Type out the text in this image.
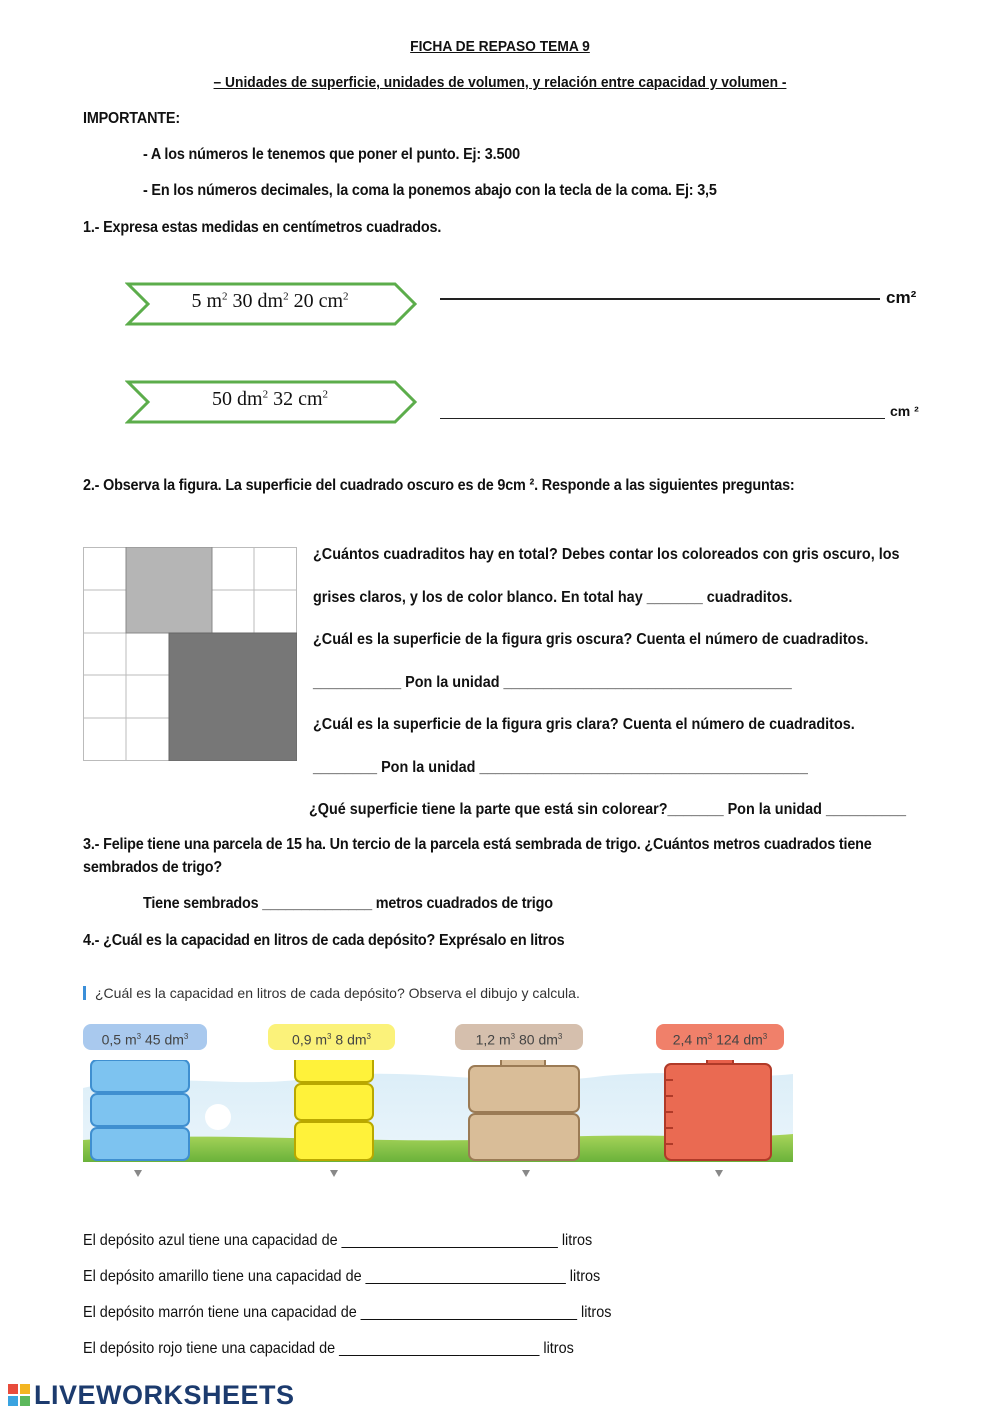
FICHA DE REPASO TEMA 9
– Unidades de superficie, unidades de volumen, y relación entre capacidad y volumen -
IMPORTANTE:
- A los números le tenemos que poner el punto. Ej: 3.500
- En los números decimales, la coma la ponemos abajo con la tecla de la coma. Ej: 3,5
1.- Expresa estas medidas en centímetros cuadrados.
5 $m^2$ 30 $dm^2$ 20 $cm^2$	cm²
50 $dm^2$ 32 $cm^2$
cm ²
2.- Observa la figura. La superficie del cuadrado oscuro es de 9cm ². Responde a las siguientes preguntas:
¿Cuántos cuadraditos hay en total? Debes contar los coloreados con gris oscuro, los
grises claros, y los de color blanco. En total hay _______ cuadraditos.
¿Cuál es la superficie de la figura gris oscura? Cuenta el número de cuadraditos.
___________ Pon la unidad ____________________________________
¿Cuál es la superficie de la figura gris clara? Cuenta el número de cuadraditos.
________ Pon la unidad _________________________________________
¿Qué superficie tiene la parte que está sin colorear?_______ Pon la unidad __________
3.- Felipe tiene una parcela de 15 ha. Un tercio de la parcela está sembrada de trigo. ¿Cuántos metros cuadrados tiene
sembrados de trigo?
Tiene sembrados ______________ metros cuadrados de trigo
4.- ¿Cuál es la capacidad en litros de cada depósito? Exprésalo en litros
¿Cuál es la capacidad en litros de cada depósito? Observa el dibujo y calcula.
0,5 $m^3$ 45 $dm^3$	0,9 $m^3$ 8 $dm^3$	1,2 $m^3$ 80 $dm^3$	2,4 $m^3$ 124 $dm^3$
El depósito azul tiene una capacidad de ___________________________ litros
El depósito amarillo tiene una capacidad de _________________________ litros
El depósito marrón tiene una capacidad de ___________________________ litros
El depósito rojo tiene una capacidad de _________________________ litros
LIVEWORKSHEETS
